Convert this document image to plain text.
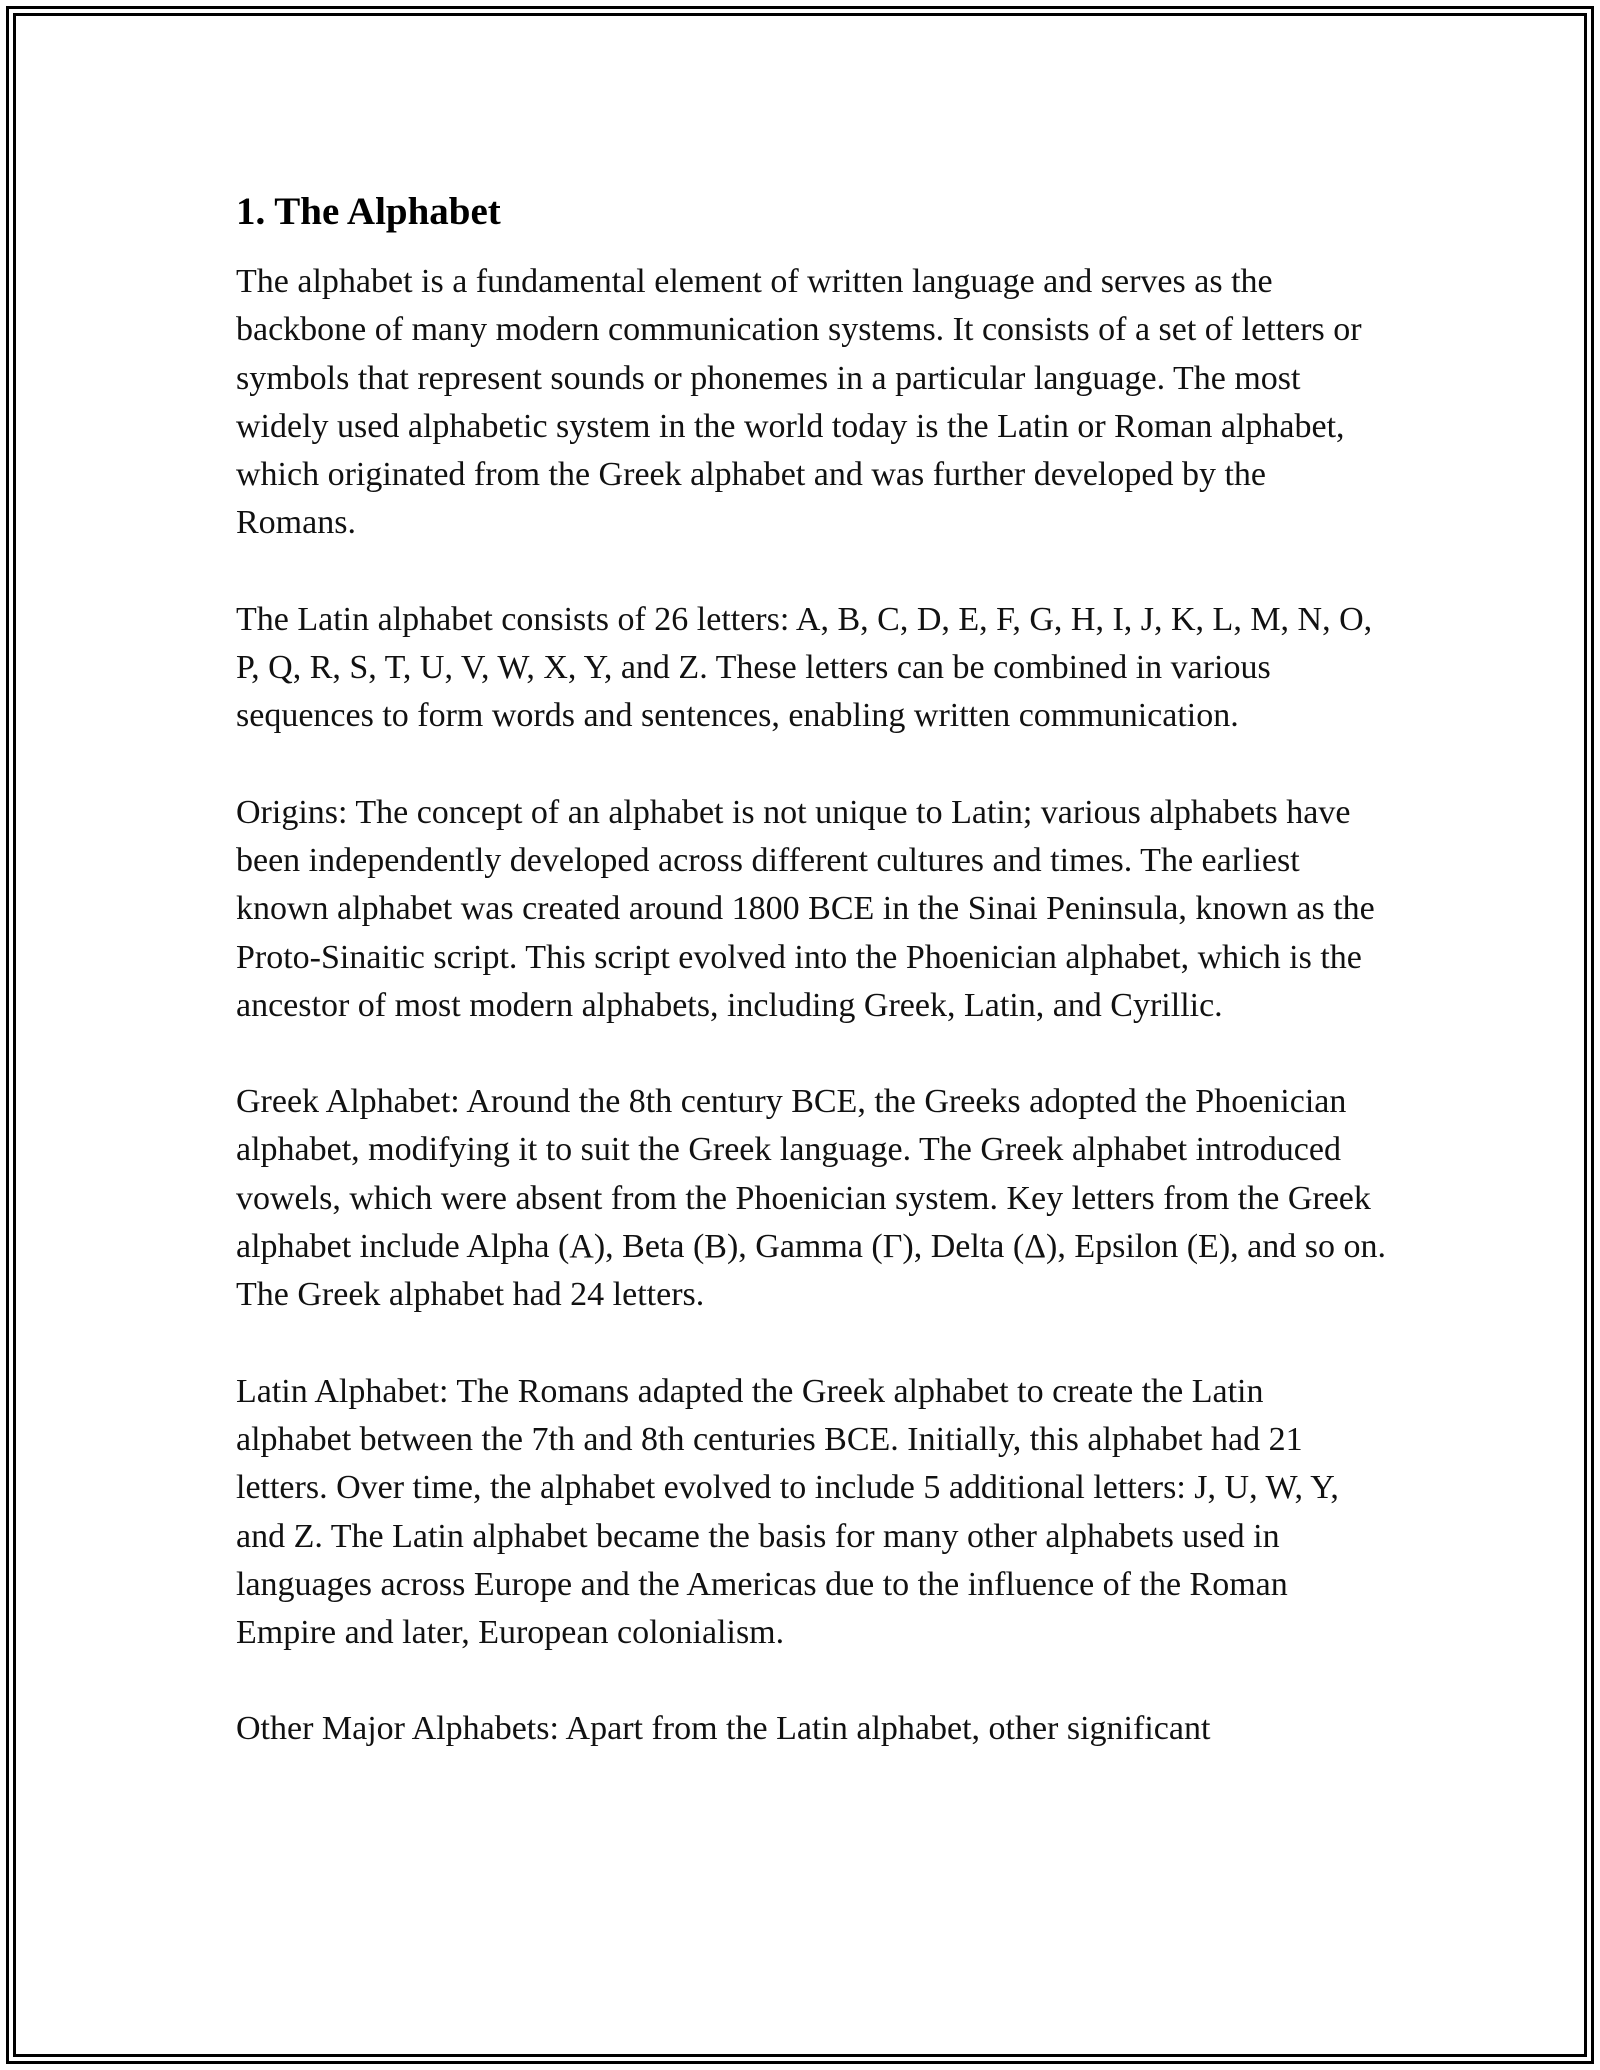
1. The Alphabet

The alphabet is a fundamental element of written language and serves as the backbone of many modern communication systems. It consists of a set of letters or symbols that represent sounds or phonemes in a particular language. The most widely used alphabetic system in the world today is the Latin or Roman alphabet, which originated from the Greek alphabet and was further developed by the Romans.

The Latin alphabet consists of 26 letters: A, B, C, D, E, F, G, H, I, J, K, L, M, N, O, P, Q, R, S, T, U, V, W, X, Y, and Z. These letters can be combined in various sequences to form words and sentences, enabling written communication.

Origins: The concept of an alphabet is not unique to Latin; various alphabets have been independently developed across different cultures and times. The earliest known alphabet was created around 1800 BCE in the Sinai Peninsula, known as the Proto-Sinaitic script. This script evolved into the Phoenician alphabet, which is the ancestor of most modern alphabets, including Greek, Latin, and Cyrillic.

Greek Alphabet: Around the 8th century BCE, the Greeks adopted the Phoenician alphabet, modifying it to suit the Greek language. The Greek alphabet introduced vowels, which were absent from the Phoenician system. Key letters from the Greek alphabet include Alpha (Α), Beta (Β), Gamma (Γ), Delta (Δ), Epsilon (Ε), and so on. The Greek alphabet had 24 letters.

Latin Alphabet: The Romans adapted the Greek alphabet to create the Latin alphabet between the 7th and 8th centuries BCE. Initially, this alphabet had 21 letters. Over time, the alphabet evolved to include 5 additional letters: J, U, W, Y, and Z. The Latin alphabet became the basis for many other alphabets used in languages across Europe and the Americas due to the influence of the Roman Empire and later, European colonialism.

Other Major Alphabets: Apart from the Latin alphabet, other significant
